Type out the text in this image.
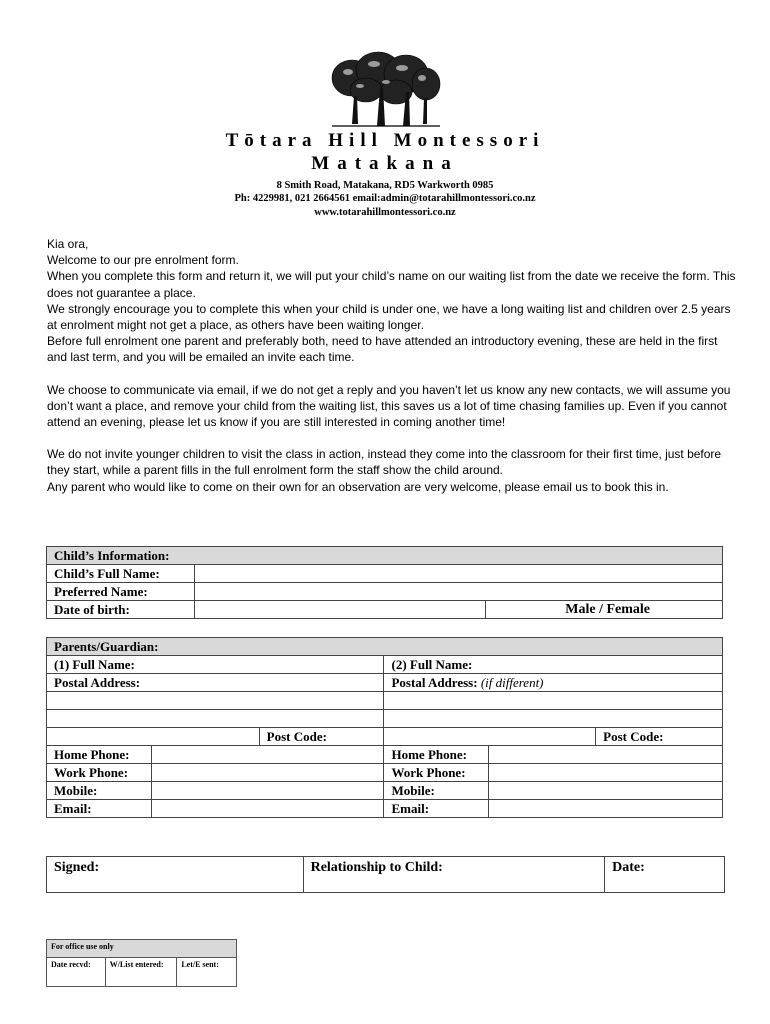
Tōtara Hill Montessori
Matakana
8 Smith Road, Matakana, RD5 Warkworth 0985
Ph: 4229981, 021 2664561 email:admin@totarahillmontessori.co.nz
www.totarahillmontessori.co.nz

Kia ora,

Welcome to our pre enrolment form.

When you complete this form and return it, we will put your child’s name on our waiting list from the date we receive the form. This does not guarantee a place.

We strongly encourage you to complete this when your child is under one, we have a long waiting list and children over 2.5 years at enrolment might not get a place, as others have been waiting longer.

Before full enrolment one parent and preferably both, need to have attended an introductory evening, these are held in the first and last term, and you will be emailed an invite each time.

We choose to communicate via email, if we do not get a reply and you haven’t let us know any new contacts, we will assume you don’t want a place, and remove your child from the waiting list, this saves us a lot of time chasing families up. Even if you cannot attend an evening, please let us know if you are still interested in coming another time!

We do not invite younger children to visit the class in action, instead they come into the classroom for their first time, just before they start, while a parent fills in the full enrolment form the staff show the child around.

Any parent who would like to come on their own for an observation are very welcome, please email us to book this in.

Child’s Information:		
Child’s Full Name:		
Preferred Name:		
Date of birth:		Male / Female
Parents/Guardian:					
(1) Full Name:			(2) Full Name:		
Postal Address:			Postal Address: (if different)		

		Post Code:			Post Code:
Home Phone:			Home Phone:		
Work Phone:			Work Phone:		
Mobile:			Mobile:		
Email:			Email:		
Signed:	Relationship to Child:	Date:
For office use only
Date recvd:	W/List entered:	Let/E sent:
